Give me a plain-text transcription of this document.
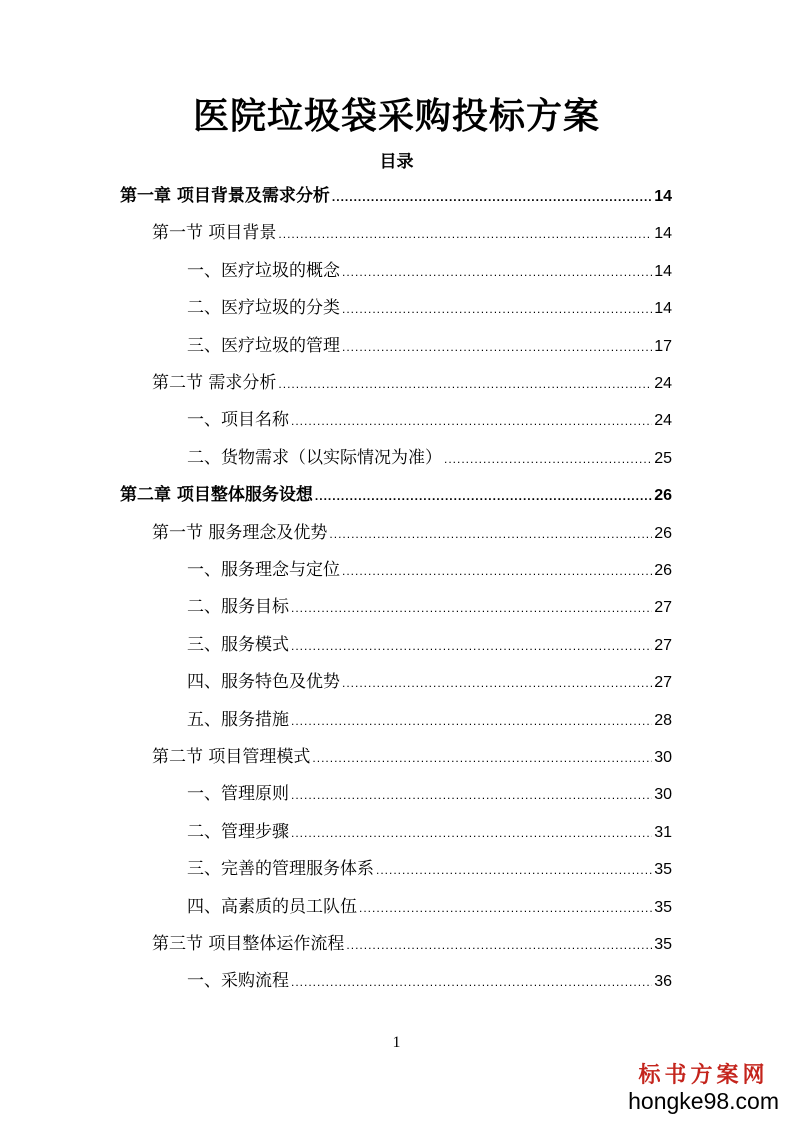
医院垃圾袋采购投标方案
目录
第一章 项目背景及需求分析 .....	14
第一节 项目背景 .....	14
一、医疗垃圾的概念 .....	14
二、医疗垃圾的分类 .....	14
三、医疗垃圾的管理 .....	17
第二节 需求分析 .....	24
一、项目名称 .....	24
二、货物需求（以实际情况为准） .....	25
第二章 项目整体服务设想 .....	26
第一节 服务理念及优势 .....	26
一、服务理念与定位 .....	26
二、服务目标 .....	27
三、服务模式 .....	27
四、服务特色及优势 .....	27
五、服务措施 .....	28
第二节 项目管理模式 .....	30
一、管理原则 .....	30
二、管理步骤 .....	31
三、完善的管理服务体系 .....	35
四、高素质的员工队伍 .....	35
第三节 项目整体运作流程 .....	35
一、采购流程 .....	36
1
标书方案网
hongke98.com
